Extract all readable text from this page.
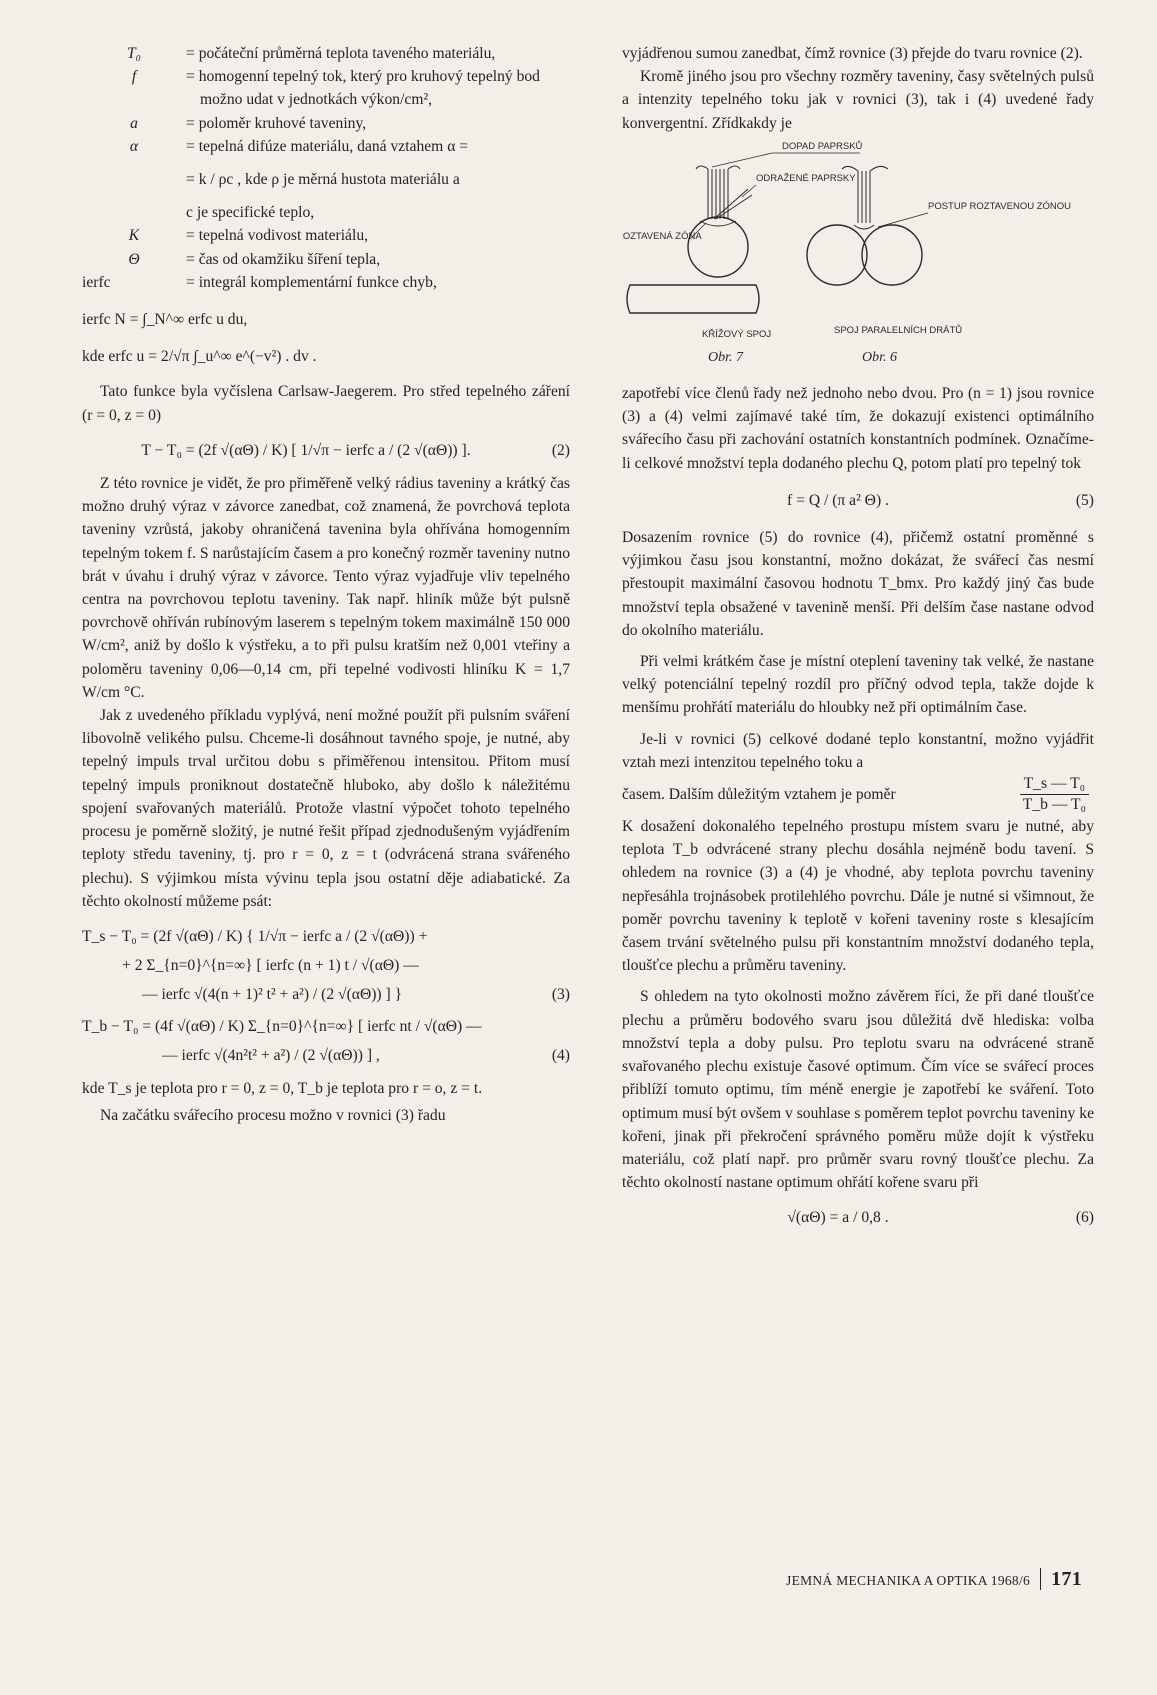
T₀	= počáteční průměrná teplota taveného materiálu,
f	= homogenní tepelný tok, který pro kruhový tepelný bod možno udat v jednotkách výkon/cm²,
a	= poloměr kruhové taveniny,
α	= tepelná difúze materiálu, daná vztahem α =
= k / ρc , kde ρ je měrná hustota materiálu a
c je specifické teplo,
K	= tepelná vodivost materiálu,
Θ	= čas od okamžiku šíření tepla,
ierfc	= integrál komplementární funkce chyb,

ierfc N = ∫_N^∞ erfc u du,

kde erfc u = 2/√π ∫_u^∞ e^(−v²) . dv .

Tato funkce byla vyčíslena Carlsaw-Jaegerem. Pro střed tepelného záření (r = 0, z = 0)

T − T₀ = (2f √(αΘ) / K) [ 1/√π − ierfc a / (2 √(αΘ)) ].	(2)

Z této rovnice je vidět, že pro přiměřeně velký rádius taveniny a krátký čas možno druhý výraz v závorce zanedbat, což znamená, že povrchová teplota taveniny vzrůstá, jakoby ohraničená tavenina byla ohřívána homogenním tepelným tokem f. S narůstajícím časem a pro konečný rozměr taveniny nutno brát v úvahu i druhý výraz v závorce. Tento výraz vyjadřuje vliv tepelného centra na povrchovou teplotu taveniny. Tak např. hliník může být pulsně povrchově ohříván rubínovým laserem s tepelným tokem maximálně 150 000 W/cm², aniž by došlo k výstřeku, a to při pulsu kratším než 0,001 vteřiny a poloměru taveniny 0,06—0,14 cm, při tepelné vodivosti hliníku K = 1,7 W/cm °C.

Jak z uvedeného příkladu vyplývá, není možné použít při pulsním sváření libovolně velikého pulsu. Chceme-li dosáhnout tavného spoje, je nutné, aby tepelný impuls trval určitou dobu s přiměřenou intensitou. Přitom musí tepelný impuls proniknout dostatečně hluboko, aby došlo k náležitému spojení svařovaných materiálů. Protože vlastní výpočet tohoto tepelného procesu je poměrně složitý, je nutné řešit případ zjednodušeným vyjádřením teploty středu taveniny, tj. pro r = 0, z = t (odvrácená strana svářeného plechu). S výjimkou místa vývinu tepla jsou ostatní děje adiabatické. Za těchto okolností můžeme psát:

T_s − T₀ = (2f √(αΘ) / K) { 1/√π − ierfc a / (2 √(αΘ)) +
+ 2 Σ_{n=0}^{n=∞} [ ierfc (n + 1) t / √(αΘ) —
— ierfc √(4(n + 1)² t² + a²) / (2 √(αΘ)) ] }	(3)
T_b − T₀ = (4f √(αΘ) / K) Σ_{n=0}^{n=∞} [ ierfc nt / √(αΘ) —
— ierfc √(4n²t² + a²) / (2 √(αΘ)) ] ,	(4)

kde T_s je teplota pro r = 0, z = 0, T_b je teplota pro r = o, z = t.

Na začátku svářecího procesu možno v rovnici (3) řadu

vyjádřenou sumou zanedbat, čímž rovnice (3) přejde do tvaru rovnice (2).

Kromě jiného jsou pro všechny rozměry taveniny, časy světelných pulsů a intenzity tepelného toku jak v rovnici (3), tak i (4) uvedené řady konvergentní. Zřídkakdy je

ROZTAVENÁ ZÓNA
KŘÍŽOVÝ SPOJ
Obr. 7
DOPAD PAPRSKŮ
ODRAŽENÉ PAPRSKY
POSTUP ROZTAVENOU ZÓNOU
SPOJ PARALELNÍCH DRÁTŮ
Obr. 6

zapotřebí více členů řady než jednoho nebo dvou. Pro (n = 1) jsou rovnice (3) a (4) velmi zajímavé také tím, že dokazují existenci optimálního svářecího času při zachování ostatních konstantních podmínek. Označíme-li celkové množství tepla dodaného plechu Q, potom platí pro tepelný tok

f = Q / (π a² Θ) .	(5)

Dosazením rovnice (5) do rovnice (4), přičemž ostatní proměnné s výjimkou času jsou konstantní, možno dokázat, že svářecí čas nesmí přestoupit maximální časovou hodnotu T_bmx. Pro každý jiný čas bude množství tepla obsažené v tavenině menší. Při delším čase nastane odvod do okolního materiálu.

Při velmi krátkém čase je místní oteplení taveniny tak velké, že nastane velký potenciální tepelný rozdíl pro příčný odvod tepla, takže dojde k menšímu prohřátí materiálu do hloubky než při optimálním čase.

Je-li v rovnici (5) celkové dodané teplo konstantní, možno vyjádřit vztah mezi intenzitou tepelného toku a

časem. Dalším důležitým vztahem je poměr	$\frac{\text{T\_s — T₀}}{\text{T\_b — T₀}}$

K dosažení dokonalého tepelného prostupu místem svaru je nutné, aby teplota T_b odvrácené strany plechu dosáhla nejméně bodu tavení. S ohledem na rovnice (3) a (4) je vhodné, aby teplota povrchu taveniny nepřesáhla trojnásobek protilehlého povrchu. Dále je nutné si všimnout, že poměr povrchu taveniny k teplotě v kořeni taveniny roste s klesajícím časem trvání světelného pulsu při konstantním množství dodaného tepla, tloušťce plechu a průměru taveniny.

S ohledem na tyto okolnosti možno závěrem říci, že při dané tloušťce plechu a průměru bodového svaru jsou důležitá dvě hlediska: volba množství tepla a doby pulsu. Pro teplotu svaru na odvrácené straně svařovaného plechu existuje časové optimum. Čím více se svářecí proces přiblíží tomuto optimu, tím méně energie je zapotřebí ke sváření. Toto optimum musí být ovšem v souhlase s poměrem teplot povrchu taveniny ke kořeni, jinak při překročení správného poměru může dojít k výstřeku materiálu, což platí např. pro průměr svaru rovný tloušťce plechu. Za těchto okolností nastane optimum ohřátí kořene svaru při

√(αΘ) = a / 0,8 .	(6)
JEMNÁ MECHANIKA A OPTIKA 1968/6 171
